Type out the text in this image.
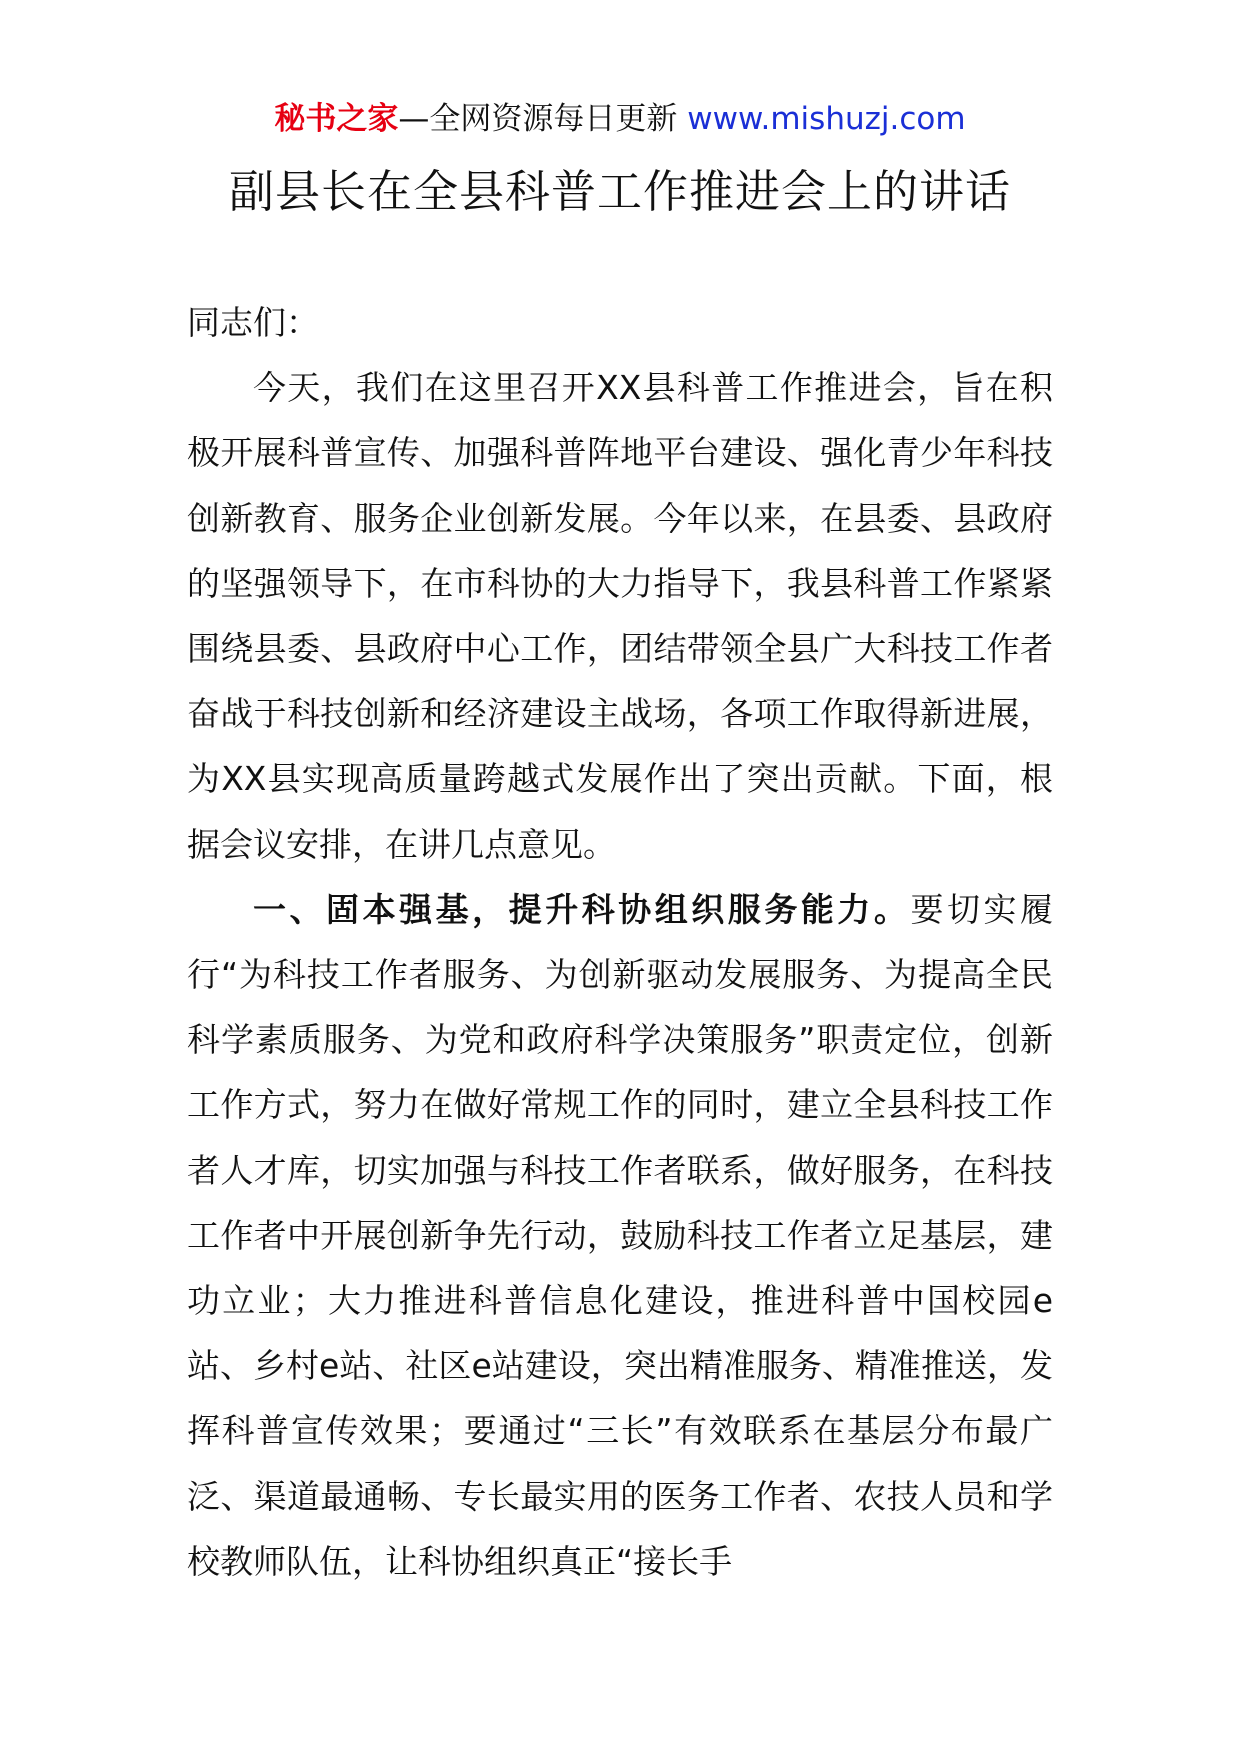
秘书之家—全网资源每日更新 www.mishuzj.com
副县长在全县科普工作推进会上的讲话

同志们：

今天，我们在这里召开XX县科普工作推进会，旨在积极开展科普宣传、加强科普阵地平台建设、强化青少年科技创新教育、服务企业创新发展。今年以来，在县委、县政府的坚强领导下，在市科协的大力指导下，我县科普工作紧紧围绕县委、县政府中心工作，团结带领全县广大科技工作者奋战于科技创新和经济建设主战场，各项工作取得新进展，为XX县实现高质量跨越式发展作出了突出贡献。下面，根据会议安排，在讲几点意见。

一、固本强基，提升科协组织服务能力。要切实履行“为科技工作者服务、为创新驱动发展服务、为提高全民科学素质服务、为党和政府科学决策服务”职责定位，创新工作方式，努力在做好常规工作的同时，建立全县科技工作者人才库，切实加强与科技工作者联系，做好服务，在科技工作者中开展创新争先行动，鼓励科技工作者立足基层，建功立业；大力推进科普信息化建设，推进科普中国校园e站、乡村e站、社区e站建设，突出精准服务、精准推送，发挥科普宣传效果；要通过“三长”有效联系在基层分布最广泛、渠道最通畅、专长最实用的医务工作者、农技人员和学校教师队伍，让科协组织真正“接长手
